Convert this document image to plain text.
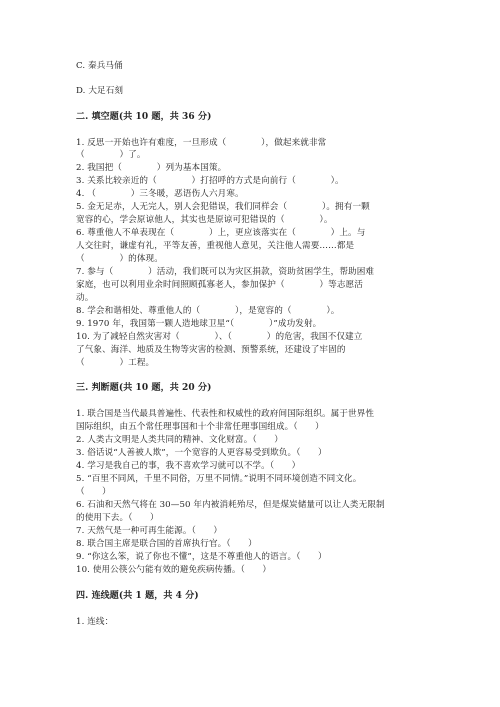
C. 秦兵马俑
D. 大足石刻
二. 填空题(共 10 题，共 36 分)
1. 反思一开始也许有难度，一旦形成（　　　　），做起来就非常
（　　　　）了。
2. 我国把（　　　　）列为基本国策。
3. 关系比较亲近的（　　　　）打招呼的方式是向前行（　　　　）。
4. （　　　　）三冬暖，恶语伤人六月寒。
5. 金无足赤，人无完人，别人会犯错误，我们同样会（　　　　）。拥有一颗
宽容的心，学会原谅他人，其实也是原谅可犯错误的（　　　　）。
6. 尊重他人不单表现在（　　　　）上，更应该落实在（　　　　）上。与
人交往时，谦虚有礼，平等友善，重视他人意见，关注他人需要……都是
（　　　　）的体现。
7. 参与（　　　　）活动，我们既可以为灾区捐款，资助贫困学生，帮助困难
家庭，也可以利用业余时间照顾孤寡老人，参加保护（　　　　）等志愿活
动。
8. 学会和谐相处、尊重他人的（　　　　），是宽容的（　　　　）。
9. 1970 年，我国第一颗人造地球卫星“（　　　　）”成功发射。
10. 为了减轻自然灾害对（　　　　）、（　　　　）的危害，我国不仅建立
了气象、海洋、地质及生物等灾害的检测、预警系统，还建设了牢固的
（　　　　）工程。
三. 判断题(共 10 题，共 20 分)
1. 联合国是当代最具普遍性、代表性和权威性的政府间国际组织。属于世界性
国际组织，由五个常任理事国和十个非常任理事国组成。（　　）
2. 人类古文明是人类共同的精神、文化财富。（　　）
3. 俗话说“人善被人欺”，一个宽容的人更容易受到欺负。（　　）
4. 学习是我自己的事，我不喜欢学习就可以不学。（　　）
5. “百里不同风，千里不同俗，万里不同情。”说明不同环境创造不同文化。
（　　）
6. 石油和天然气将在 30—50 年内被消耗殆尽，但是煤炭储量可以让人类无限制
的使用下去。（　　）
7. 天然气是一种可再生能源。（　　）
8. 联合国主席是联合国的首席执行官。（　　）
9. “你这么笨，说了你也不懂”，这是不尊重他人的语言。（　　）
10. 使用公筷公勺能有效的避免疾病传播。（　　）
四. 连线题(共 1 题，共 4 分)
1. 连线：
